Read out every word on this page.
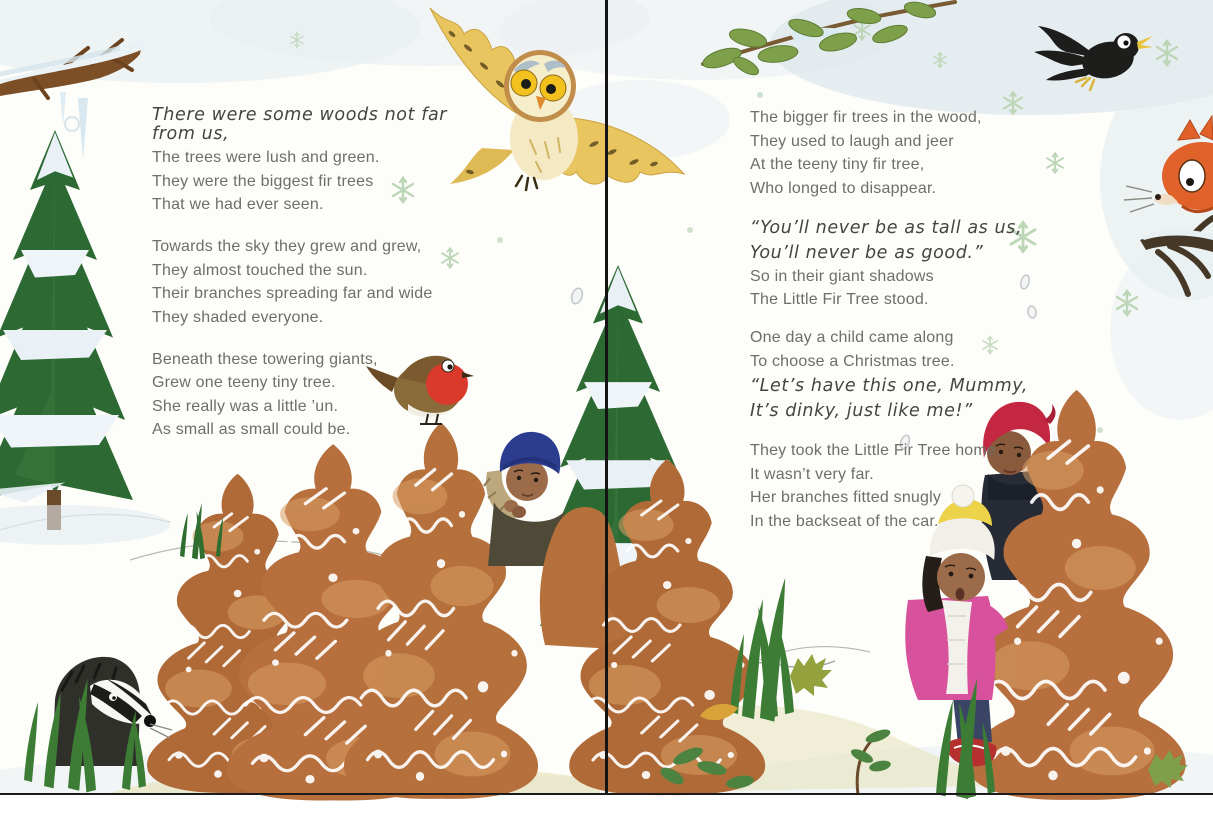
There were some woods not far from us,

The trees were lush and green.

They were the biggest fir trees

That we had ever seen.

Towards the sky they grew and grew,

They almost touched the sun.

Their branches spreading far and wide

They shaded everyone.

Beneath these towering giants,

Grew one teeny tiny tree.

She really was a little ’un.

As small as small could be.

The bigger fir trees in the wood,

They used to laugh and jeer

At the teeny tiny fir tree,

Who longed to disappear.

“You’ll never be as tall as us,

You’ll never be as good.”

So in their giant shadows

The Little Fir Tree stood.

One day a child came along

To choose a Christmas tree.

“Let’s have this one, Mummy,

It’s dinky, just like me!”

They took the Little Fir Tree home,

It wasn’t very far.

Her branches fitted snugly

In the backseat of the car.
